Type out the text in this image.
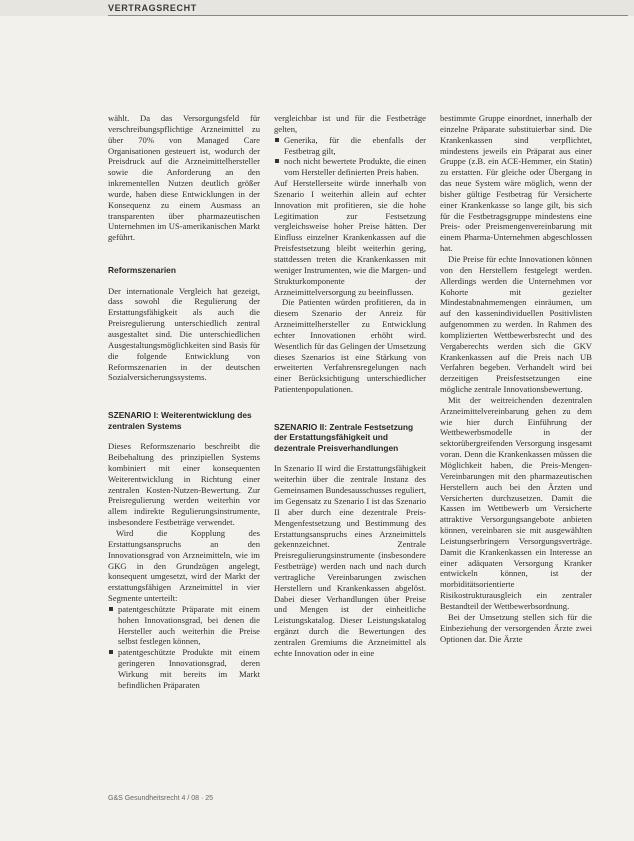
VERTRAGSRECHT

wählt. Da das Versorgungsfeld für verschreibungspflichtige Arzneimittel zu über 70% von Managed Care Organisationen gesteuert ist, wodurch der Preisdruck auf die Arzneimittelhersteller sowie die Anforderung an den inkrementellen Nutzen deutlich größer wurde, haben diese Entwicklungen in der Konsequenz zu einem Ausmass an transparenten über pharmazeutischen Unternehmen im US-amerikanischen Markt geführt.

Reformszenarien

Der internationale Vergleich hat gezeigt, dass sowohl die Regulierung der Erstattungsfähigkeit als auch die Preisregulierung unterschiedlich zentral ausgestaltet sind. Die unterschiedlichen Ausgestaltungsmöglichkeiten sind Basis für die folgende Entwicklung von Reformszenarien in der deutschen Sozialversicherungssystems.

SZENARIO I: Weiterentwicklung des zentralen Systems

Dieses Reformszenario beschreibt die Beibehaltung des prinzipiellen Systems kombiniert mit einer konsequenten Weiterentwicklung in Richtung einer zentralen Kosten-Nutzen-Bewertung. Zur Preisregulierung werden weiterhin vor allem indirekte Regulierungsinstrumente, insbesondere Festbeträge verwendet.

Wird die Kopplung des Erstattungsanspruchs an den Innovationsgrad von Arzneimitteln, wie im GKG in den Grundzügen angelegt, konsequent umgesetzt, wird der Markt der erstattungsfähigen Arzneimittel in vier Segmente unterteilt:

patentgeschützte Präparate mit einem hohen Innovationsgrad, bei denen die Hersteller auch weiterhin die Preise selbst festlegen können,
patentgeschützte Produkte mit einem geringeren Innovationsgrad, deren Wirkung mit bereits im Markt befindlichen Präparaten

vergleichbar ist und für die Festbeträge gelten,

Generika, für die ebenfalls der Festbetrag gilt,
noch nicht bewertete Produkte, die einen vom Hersteller definierten Preis haben.

Auf Herstellerseite würde innerhalb von Szenario I weiterhin allein auf echter Innovation mit profitieren, sie die hohe Legitimation zur Festsetzung vergleichsweise hoher Preise hätten. Der Einfluss einzelner Krankenkassen auf die Preisfestsetzung bleibt weiterhin gering, stattdessen treten die Krankenkassen mit weniger Instrumenten, wie die Margen- und Strukturkomponente der Arzneimittelversorgung zu beeinflussen.

Die Patienten würden profitieren, da in diesem Szenario der Anreiz für Arzneimittelhersteller zu Entwicklung echter Innovationen erhöht wird. Wesentlich für das Gelingen der Umsetzung dieses Szenarios ist eine Stärkung von erweiterten Verfahrensregelungen nach einer Berücksichtigung unterschiedlicher Patientenpopulationen.

SZENARIO II: Zentrale Festsetzung der Erstattungsfähigkeit und dezentrale Preisverhandlungen

In Szenario II wird die Erstattungsfähigkeit weiterhin über die zentrale Instanz des Gemeinsamen Bundesausschusses reguliert, im Gegensatz zu Szenario I ist das Szenario II aber durch eine dezentrale Preis-Mengenfestsetzung und Bestimmung des Erstattungsanspruchs eines Arzneimittels gekennzeichnet. Zentrale Preisregulierungsinstrumente (insbesondere Festbeträge) werden nach und nach durch vertragliche Vereinbarungen zwischen Herstellern und Krankenkassen abgelöst. Dabei dieser Verhandlungen über Preise und Mengen ist der einheitliche Leistungskatalog. Dieser Leistungskatalog ergänzt durch die Bewertungen des zentralen Gremiums die Arzneimittel als echte Innovation oder in eine

bestimmte Gruppe einordnet, innerhalb der einzelne Präparate substituierbar sind. Die Krankenkassen sind verpflichtet, mindestens jeweils ein Präparat aus einer Gruppe (z.B. ein ACE-Hemmer, ein Statin) zu erstatten. Für gleiche oder Übergang in das neue System wäre möglich, wenn der bisher gültige Festbetrag für Versicherte einer Krankenkasse so lange gilt, bis sich für die Festbetragsgruppe mindestens eine Preis- oder Preismengenvereinbarung mit einem Pharma-Unternehmen abgeschlossen hat.

Die Preise für echte Innovationen können von den Herstellern festgelegt werden. Allerdings werden die Unternehmen vor Kohorte mit gezielter Mindestabnahmemengen einräumen, um auf den kassenindividuellen Positivlisten aufgenommen zu werden. In Rahmen des komplizierten Wettbewerbsrecht und des Vergaberechts werden sich die GKV Krankenkassen auf die Preis nach UB Verfahren begeben. Verhandelt wird bei derzeitigen Preisfestsetzungen eine mögliche zentrale Innovationsbewertung.

Mit der weitreichenden dezentralen Arzneimittelvereinbarung gehen zu dem wie hier durch Einführung der Wettbewerbsmodelle in der sektorübergreifenden Versorgung insgesamt voran. Denn die Krankenkassen müssen die Möglichkeit haben, die Preis-Mengen-Vereinbarungen mit den pharmazeutischen Herstellern auch bei den Ärzten und Versicherten durchzusetzen. Damit die Kassen im Wettbewerb um Versicherte attraktive Versorgungsangebote anbieten können, vereinbaren sie mit ausgewählten Leistungserbringern Versorgungsverträge. Damit die Krankenkassen ein Interesse an einer adäquaten Versorgung Kranker entwickeln können, ist der morbiditätsorientierte Risikostrukturausgleich ein zentraler Bestandteil der Wettbewerbsordnung.

Bei der Umsetzung stellen sich für die Einbeziehung der versorgenden Ärzte zwei Optionen dar. Die Ärzte

G&S Gesundheitsrecht 4 / 08 · 25
